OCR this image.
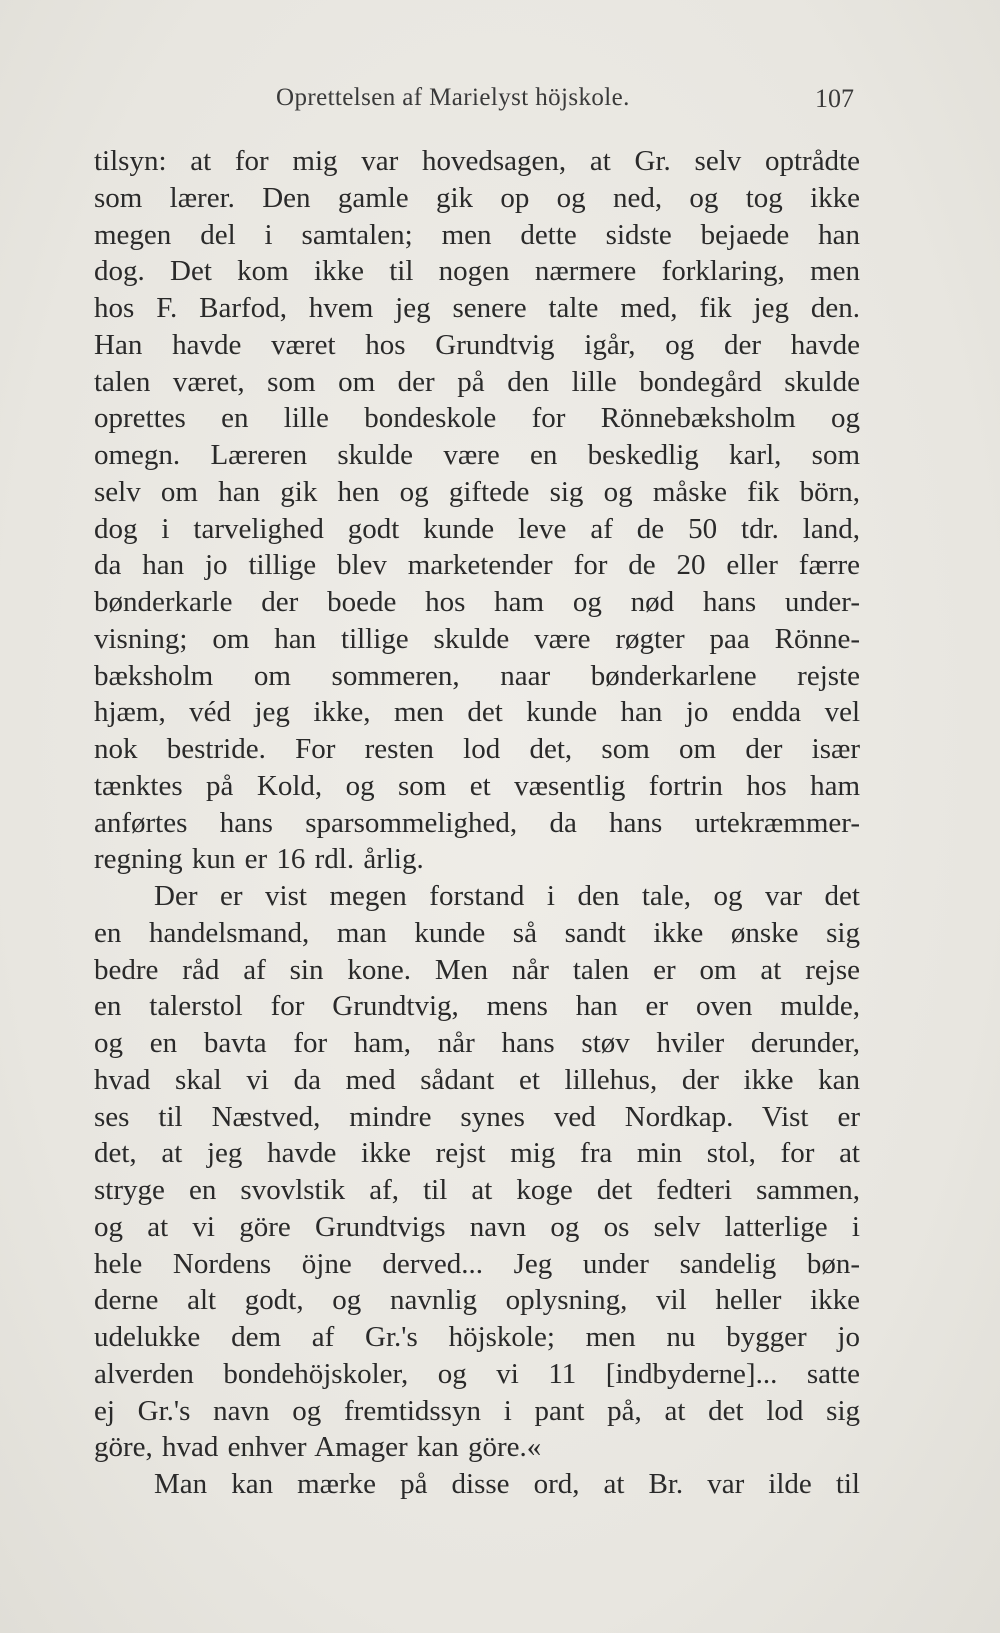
Oprettelsen af Marielyst höjskole.	107
tilsyn: at for mig var hovedsagen, at Gr. selv optrådte
som lærer. Den gamle gik op og ned, og tog ikke
megen del i samtalen; men dette sidste bejaede han
dog. Det kom ikke til nogen nærmere forklaring, men
hos F. Barfod, hvem jeg senere talte med, fik jeg den.
Han havde været hos Grundtvig igår, og der havde
talen været, som om der på den lille bondegård skulde
oprettes en lille bondeskole for Rönnebæksholm og
omegn. Læreren skulde være en beskedlig karl, som
selv om han gik hen og giftede sig og måske fik börn,
dog i tarvelighed godt kunde leve af de 50 tdr. land,
da han jo tillige blev marketender for de 20 eller færre
bønderkarle der boede hos ham og nød hans under-
visning; om han tillige skulde være røgter paa Rönne-
bæksholm om sommeren, naar bønderkarlene rejste
hjæm, véd jeg ikke, men det kunde han jo endda vel
nok bestride. For resten lod det, som om der især
tænktes på Kold, og som et væsentlig fortrin hos ham
anførtes hans sparsommelighed, da hans urtekræmmer-
regning kun er 16 rdl. årlig.
Der er vist megen forstand i den tale, og var det
en handelsmand, man kunde så sandt ikke ønske sig
bedre råd af sin kone. Men når talen er om at rejse
en talerstol for Grundtvig, mens han er oven mulde,
og en bavta for ham, når hans støv hviler derunder,
hvad skal vi da med sådant et lillehus, der ikke kan
ses til Næstved, mindre synes ved Nordkap. Vist er
det, at jeg havde ikke rejst mig fra min stol, for at
stryge en svovlstik af, til at koge det fedteri sammen,
og at vi göre Grundtvigs navn og os selv latterlige i
hele Nordens öjne derved... Jeg under sandelig bøn-
derne alt godt, og navnlig oplysning, vil heller ikke
udelukke dem af Gr.'s höjskole; men nu bygger jo
alverden bondehöjskoler, og vi 11 [indbyderne]... satte
ej Gr.'s navn og fremtidssyn i pant på, at det lod sig
göre, hvad enhver Amager kan göre.«
Man kan mærke på disse ord, at Br. var ilde til
